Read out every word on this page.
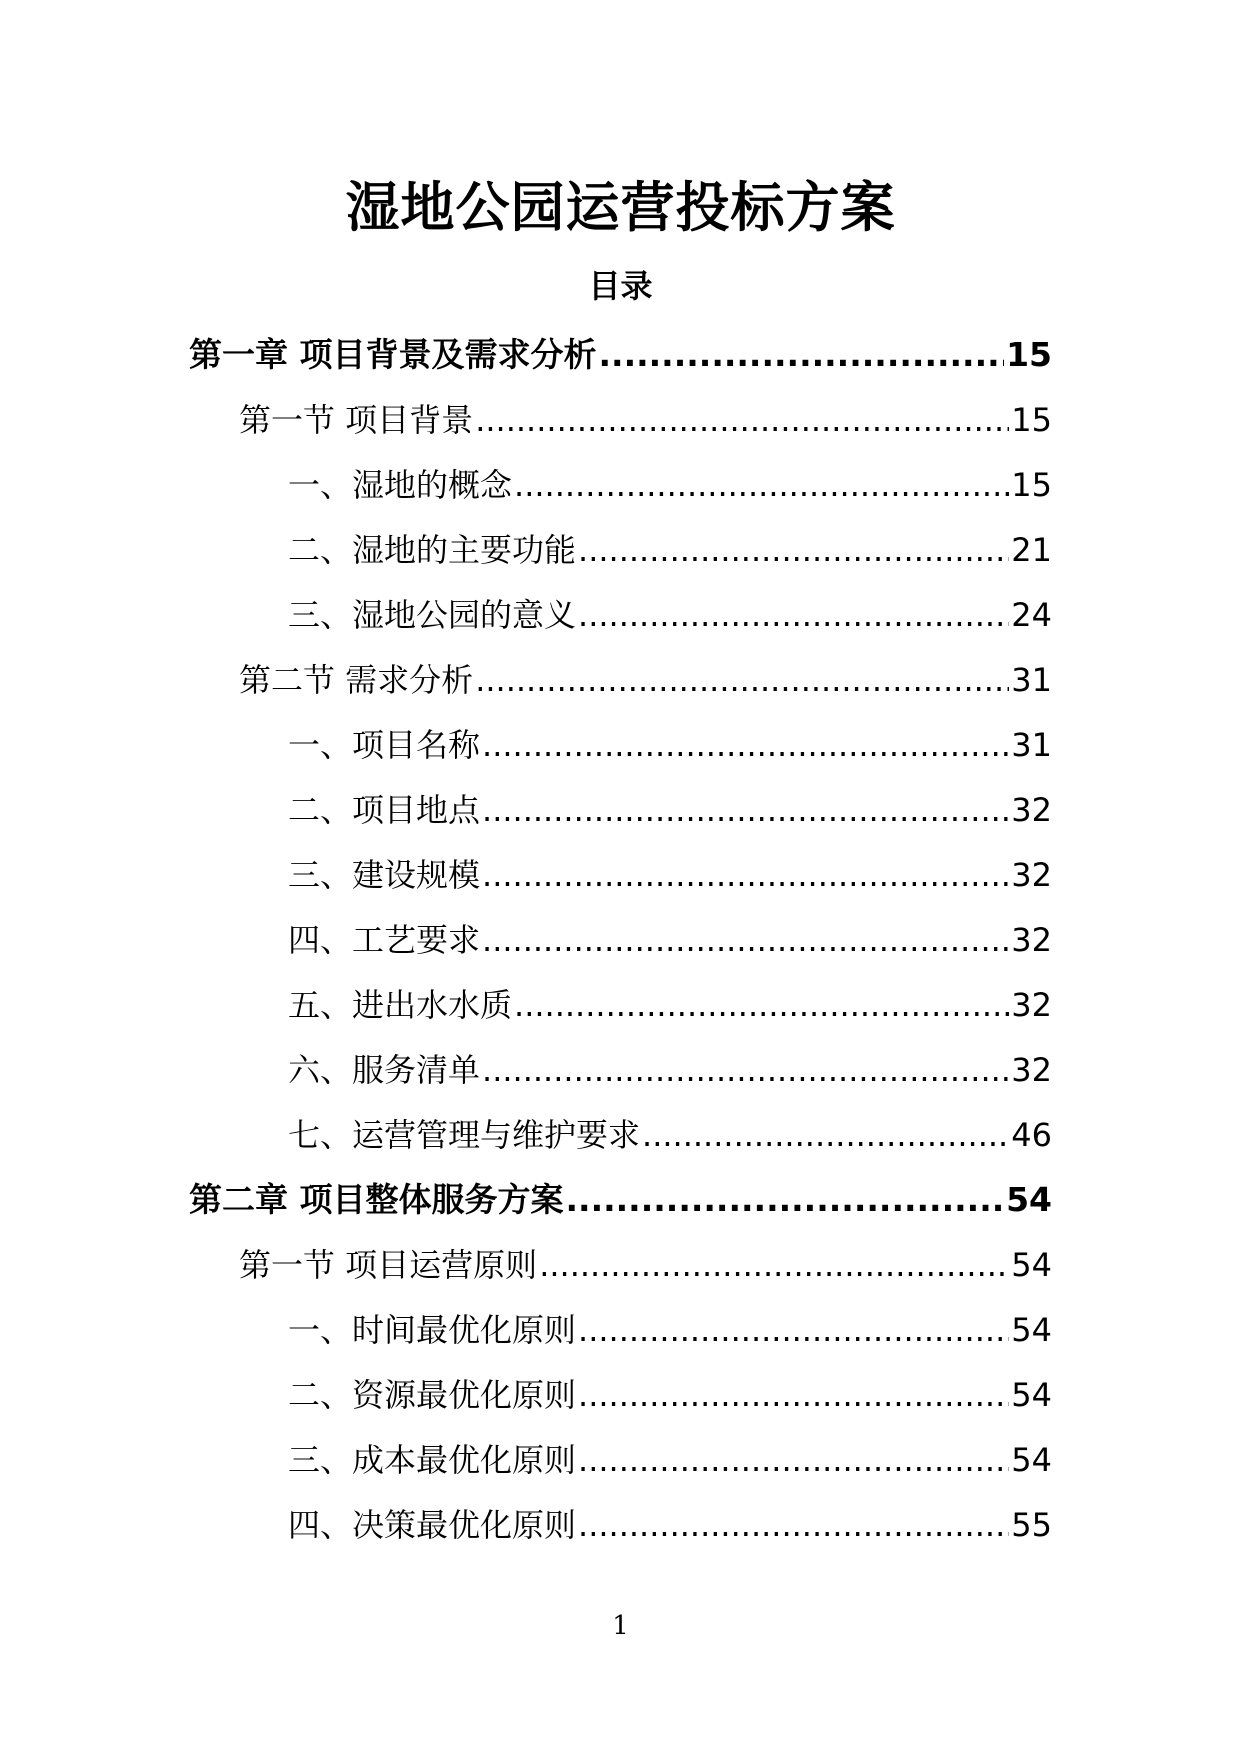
湿地公园运营投标方案
目录
第一章 项目背景及需求分析 .....	15
第一节 项目背景 .....	15
一、湿地的概念 .....	15
二、湿地的主要功能 .....	21
三、湿地公园的意义 .....	24
第二节 需求分析 .....	31
一、项目名称 .....	31
二、项目地点 .....	32
三、建设规模 .....	32
四、工艺要求 .....	32
五、进出水水质 .....	32
六、服务清单 .....	32
七、运营管理与维护要求 .....	46
第二章 项目整体服务方案 .....	54
第一节 项目运营原则 .....	54
一、时间最优化原则 .....	54
二、资源最优化原则 .....	54
三、成本最优化原则 .....	54
四、决策最优化原则 .....	55
1
